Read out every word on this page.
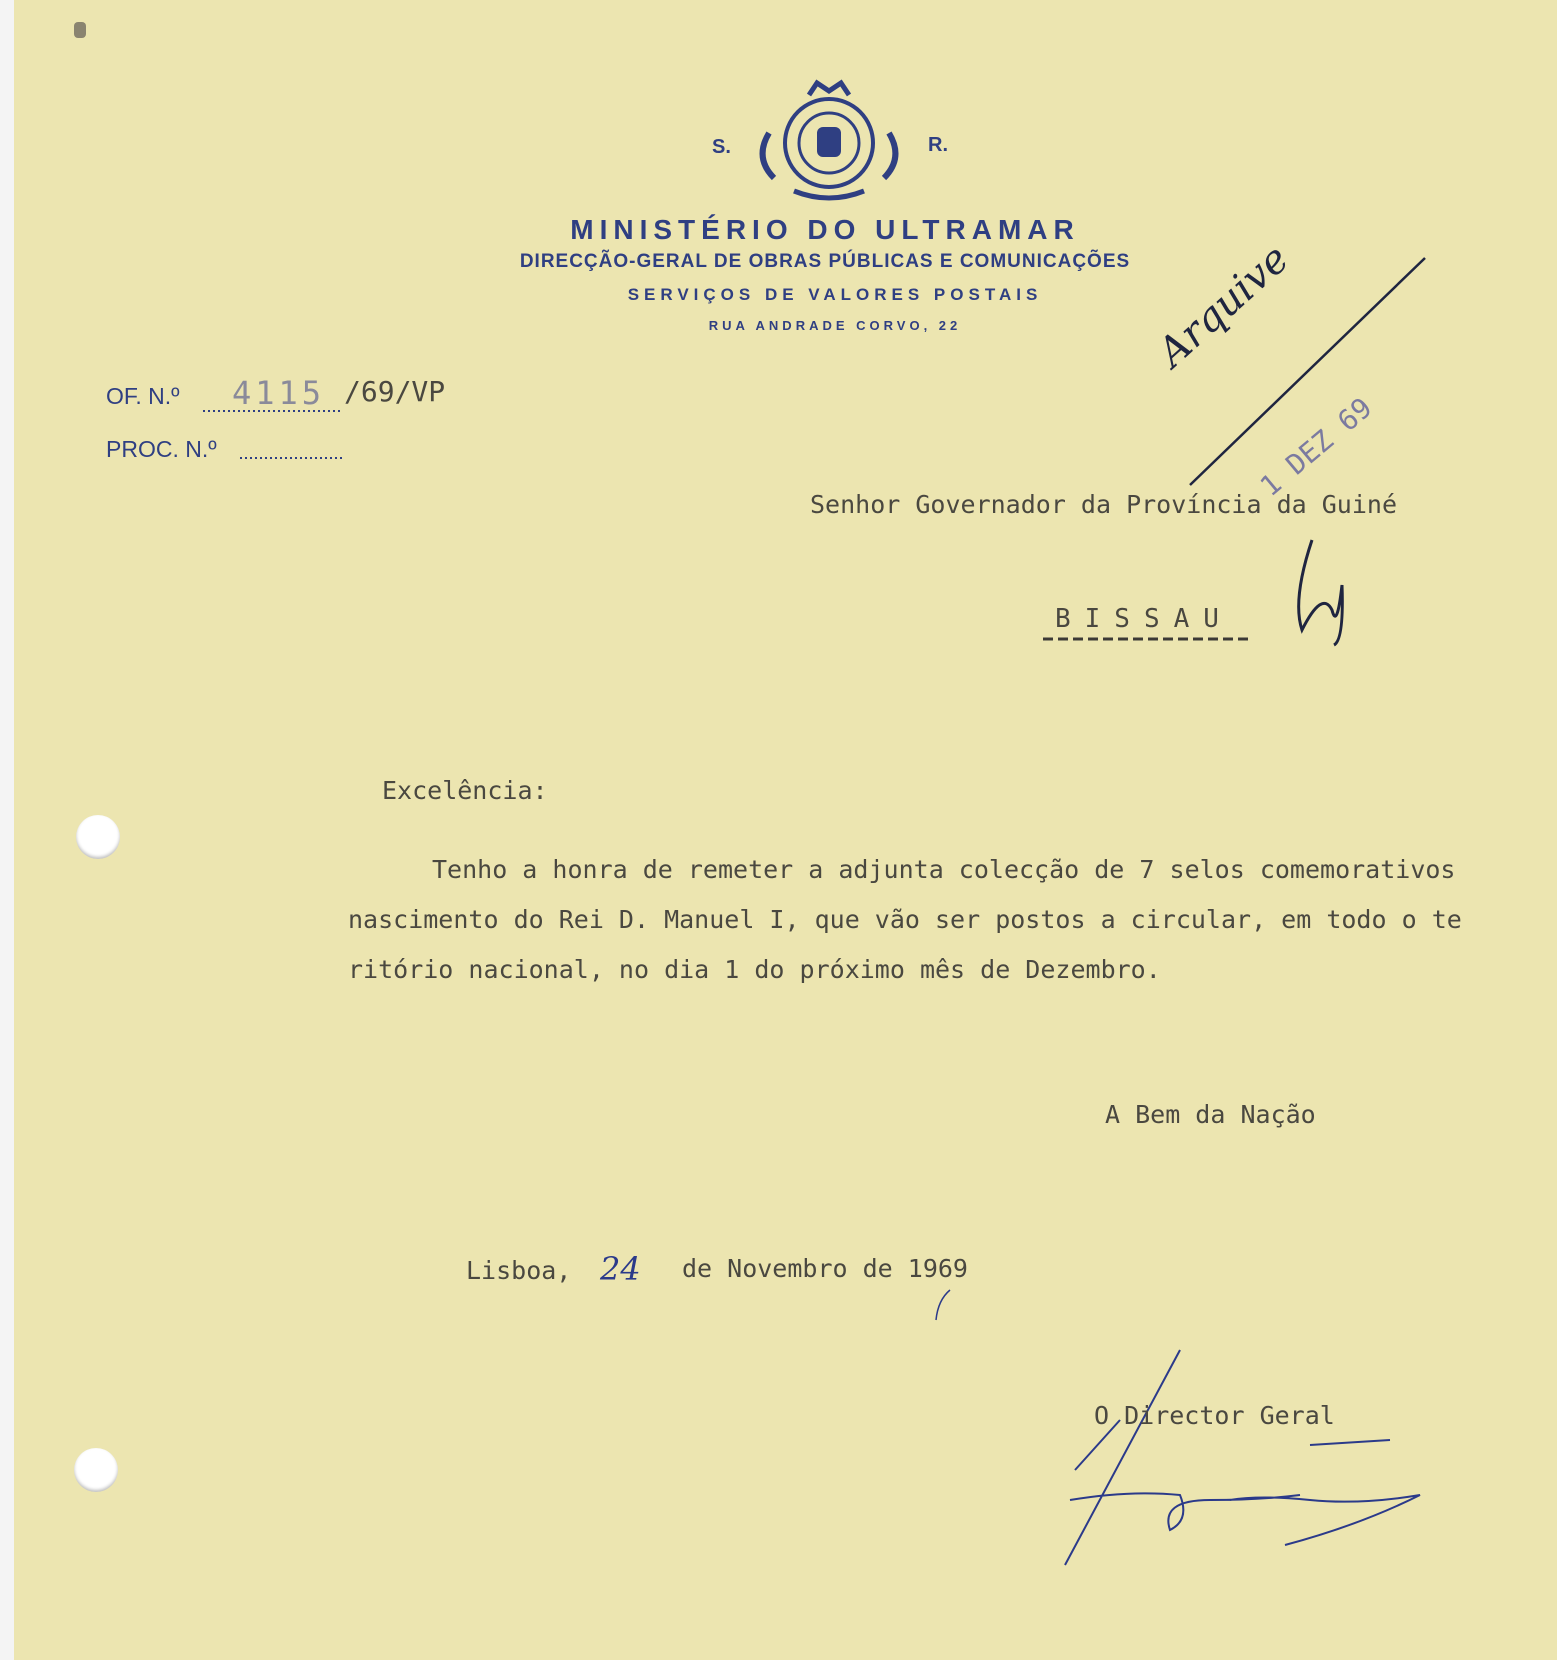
S.	R.
MINISTÉRIO DO ULTRAMAR
DIRECÇÃO-GERAL DE OBRAS PÚBLICAS E COMUNICAÇÕES
SERVIÇOS DE VALORES POSTAIS
RUA ANDRADE CORVO, 22
OF. N.º 4115 /69/VP
PROC. N.º
Arquive
1 DEZ 69
Senhor Governador da Província da Guiné
BISSAU
Excelência:
Tenho a honra de remeter a adjunta colecção de 7 selos comemorativos
nascimento do Rei D. Manuel I, que vão ser postos a circular, em todo o te
ritório nacional, no dia 1 do próximo mês de Dezembro.
A Bem da Nação
Lisboa, 24 de Novembro de 1969
O Director Geral
